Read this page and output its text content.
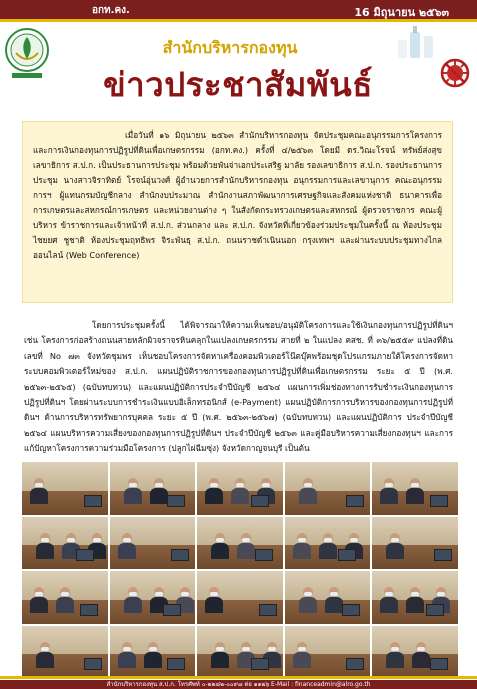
อกท.คง.	16 มิถุนายน ๒๕๖๓
สำนักบริหารกองทุน
ข่าวประชาสัมพันธ์

เมื่อวันที่ ๑๖ มิถุนายน ๒๕๖๓ สำนักบริหารกองทุน จัดประชุมคณะอนุกรรมการโครงการและการเงินกองทุนการปฏิรูปที่ดินเพื่อเกษตรกรรม (อกท.คง.) ครั้งที่ ๔/๒๕๖๓ โดยมี ดร.วิณะโรจน์ ทรัพย์ส่งสุข เลขาธิการ ส.ป.ก. เป็นประธานการประชุม พร้อมด้วยพันจ่าเอกประเสริฐ มาลัย รองเลขาธิการ ส.ป.ก. รองประธานการประชุม นางสาวจิราทิตย์ โรจน์อุ่นวงศ์ ผู้อำนวยการสำนักบริหารกองทุน อนุกรรมการและเลขานุการ คณะอนุกรรมการฯ ผู้แทนกรมบัญชีกลาง สำนักงบประมาณ สำนักงานสภาพัฒนาการเศรษฐกิจและสังคมแห่งชาติ ธนาคารเพื่อการเกษตรและสหกรณ์การเกษตร และหน่วยงานต่าง ๆ ในสังกัดกระทรวงเกษตรและสหกรณ์ ผู้ตรวจราชการ คณะผู้บริหาร ข้าราชการและเจ้าหน้าที่ ส.ป.ก. ส่วนกลาง และ ส.ป.ก. จังหวัดที่เกี่ยวข้องร่วมประชุมในครั้งนี้ ณ ห้องประชุมไชยยศ ชูชาติ ห้องประชุมฤทธิพร จิระพันธุ ส.ป.ก. ถนนราชดำเนินนอก กรุงเทพฯ และผ่านระบบประชุมทางไกลออนไลน์ (Web Conference)

โดยการประชุมครั้งนี้ ได้พิจารณาให้ความเห็นชอบ/อนุมัติโครงการและใช้เงินกองทุนการปฏิรูปที่ดินฯ เช่น โครงการก่อสร้างถนนสายหลักผิวจราจรหินคลุกในแปลงเกษตรกรรม สายที่ ๒ ในแปลง คสช. ที่ ๓๖/๒๕๕๙ แปลงที่ดินเลขที่ No ๗๓ จังหวัดชุมพร เห็นชอบโครงการจัดหาเครื่องคอมพิวเตอร์โน๊ตบุ๊คพร้อมชุดโปรแกรมภายใต้โครงการจัดหาระบบคอมพิวเตอร์ใหม่ของ ส.ป.ก. แผนปฏิบัติราชการของกองทุนการปฏิรูปที่ดินเพื่อเกษตรกรรม ระยะ ๕ ปี (พ.ศ. ๒๕๖๓-๒๕๖๕) (ฉบับทบทวน) และแผนปฏิบัติการประจำปีบัญชี ๒๕๖๔ แผนการเพิ่มช่องทางการรับชำระเงินกองทุนการปฏิรูปที่ดินฯ โดยผ่านระบบการชำระเงินแบบอิเล็กทรอนิกส์ (e-Payment) แผนปฏิบัติการการบริหารของกองทุนการปฏิรูปที่ดินฯ ด้านการบริหารทรัพยากรบุคคล ระยะ ๕ ปี (พ.ศ. ๒๕๖๓-๒๕๖๗) (ฉบับทบทวน) และแผนปฏิบัติการ ประจำปีบัญชี ๒๕๖๔ แผนบริหารความเสี่ยงของกองทุนการปฏิรูปที่ดินฯ ประจำปีบัญชี ๒๕๖๓ และคู่มือบริหารความเสี่ยงกองทุนฯ และการแก้ปัญหาโครงการความร่วมมือโครงการ (ปลูกไผ่ฉีมซุ่ง) จังหวัดกาญจนบุรี เป็นต้น

สำนักบริหารกองทุน ส.ป.ก. โทรศัพท์ ๐-๒๒๘๒-๐๐๙๗ ต่อ ๑๑๒๖ E-Mail : financeadmin@alro.go.th
